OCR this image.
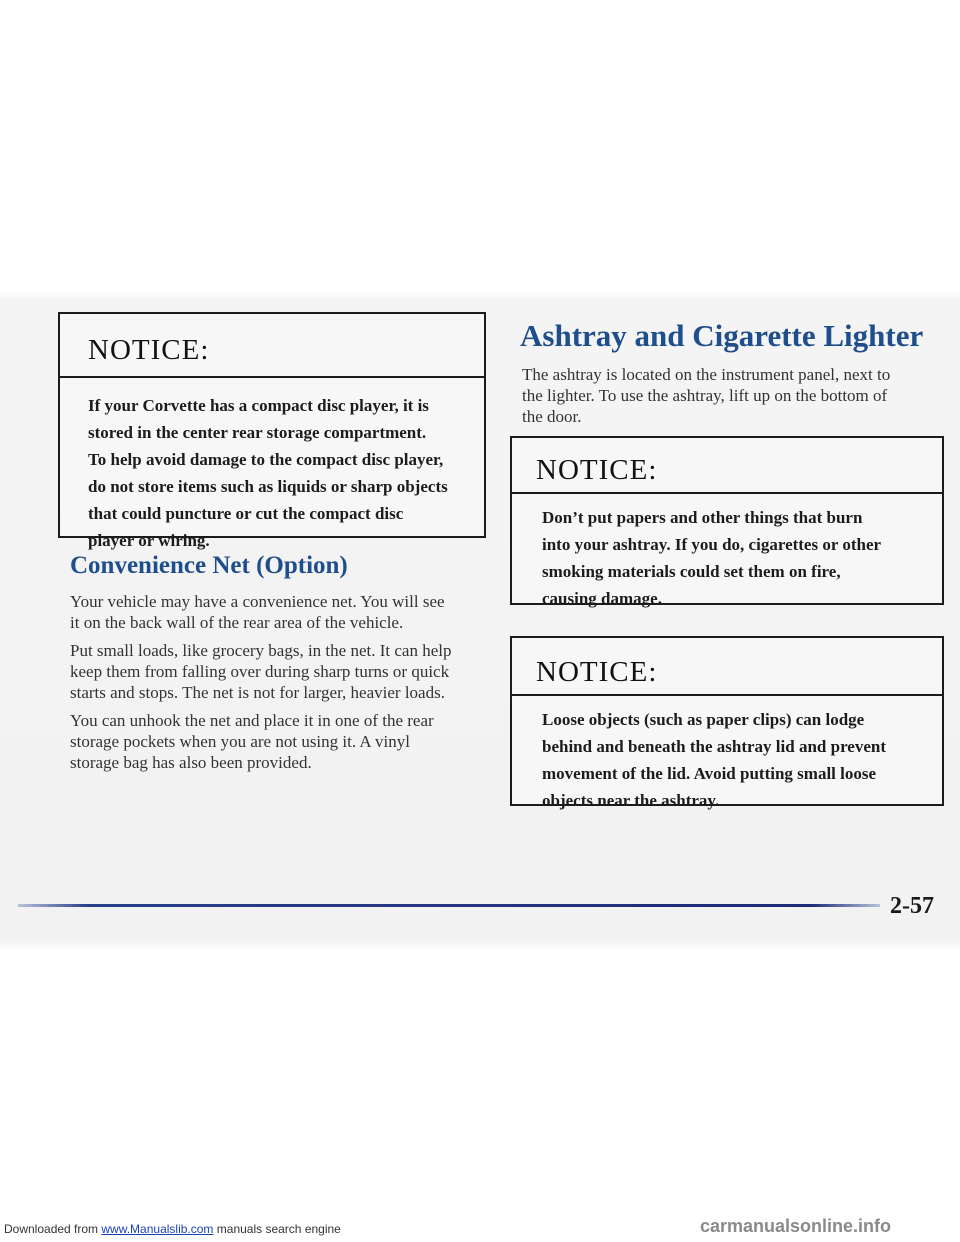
NOTICE:
If your Corvette has a compact disc player, it is
stored in the center rear storage compartment.
To help avoid damage to the compact disc player,
do not store items such as liquids or sharp objects
that could puncture or cut the compact disc
player or wiring.
Convenience Net (Option)
Your vehicle may have a convenience net. You will see
it on the back wall of the rear area of the vehicle.
Put small loads, like grocery bags, in the net. It can help
keep them from falling over during sharp turns or quick
starts and stops. The net is not for larger, heavier loads.
You can unhook the net and place it in one of the rear
storage pockets when you are not using it. A vinyl
storage bag has also been provided.
Ashtray and Cigarette Lighter
The ashtray is located on the instrument panel, next to
the lighter. To use the ashtray, lift up on the bottom of
the door.
NOTICE:
Don’t put papers and other things that burn
into your ashtray. If you do, cigarettes or other
smoking materials could set them on fire,
causing damage.
NOTICE:
Loose objects (such as paper clips) can lodge
behind and beneath the ashtray lid and prevent
movement of the lid. Avoid putting small loose
objects near the ashtray.
2-57
Downloaded from www.Manualslib.com manuals search engine	carmanualsonline.info
